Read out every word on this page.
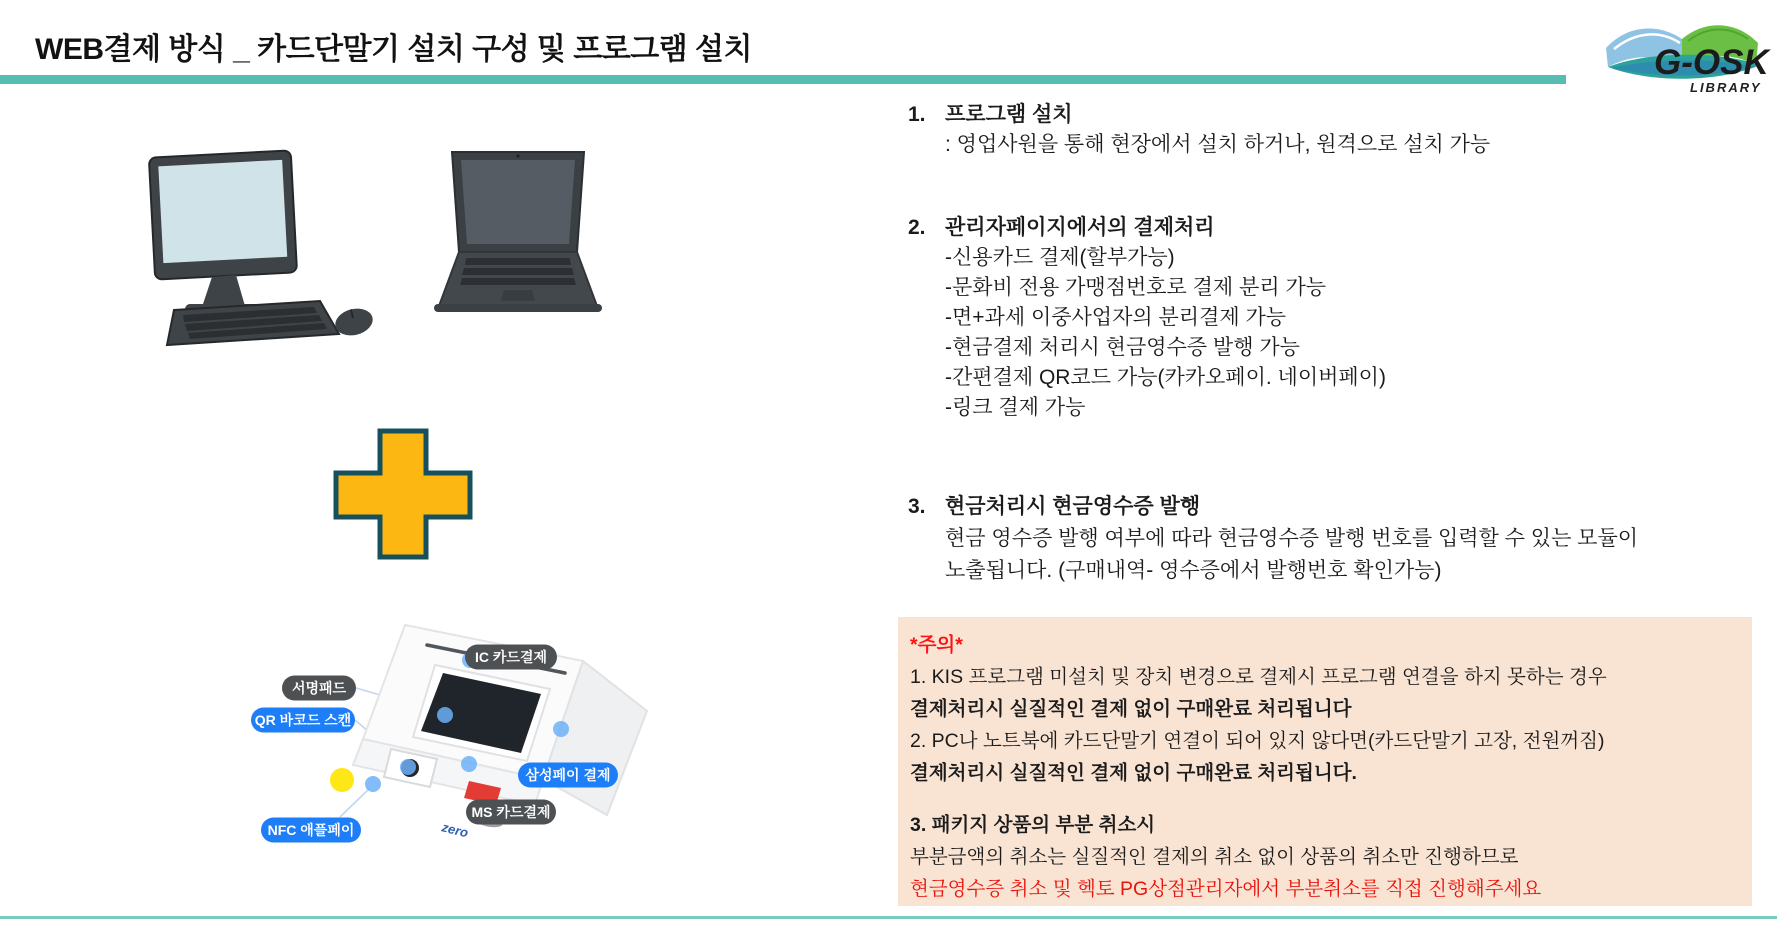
WEB결제 방식 _ 카드단말기 설치 구성 및 프로그램 설치	G-OSK
LIBRARY
zero
IC 카드결제
서명패드
QR 바코드 스캔
삼성페이 결제
MS 카드결제
NFC 애플페이
1. 프로그램 설치
: 영업사원을 통해 현장에서 설치 하거나, 원격으로 설치 가능
2. 관리자페이지에서의 결제처리
-신용카드 결제(할부가능)
-문화비 전용 가맹점번호로 결제 분리 가능
-면+과세 이중사업자의 분리결제 가능
-현금결제 처리시 현금영수증 발행 가능
-간편결제 QR코드 가능(카카오페이. 네이버페이)
-링크 결제 가능
3. 현금처리시 현금영수증 발행
현금 영수증 발행 여부에 따라 현금영수증 발행 번호를 입력할 수 있는 모듈이
노출됩니다. (구매내역- 영수증에서 발행번호 확인가능)
*주의*
1. KIS 프로그램 미설치 및 장치 변경으로 결제시 프로그램 연결을 하지 못하는 경우
결제처리시 실질적인 결제 없이 구매완료 처리됩니다
2. PC나 노트북에 카드단말기 연결이 되어 있지 않다면(카드단말기 고장, 전원꺼짐)
결제처리시 실질적인 결제 없이 구매완료 처리됩니다.
3. 패키지 상품의 부분 취소시
부분금액의 취소는 실질적인 결제의 취소 없이 상품의 취소만 진행하므로
현금영수증 취소 및 헥토 PG상점관리자에서 부분취소를 직접 진행해주세요
